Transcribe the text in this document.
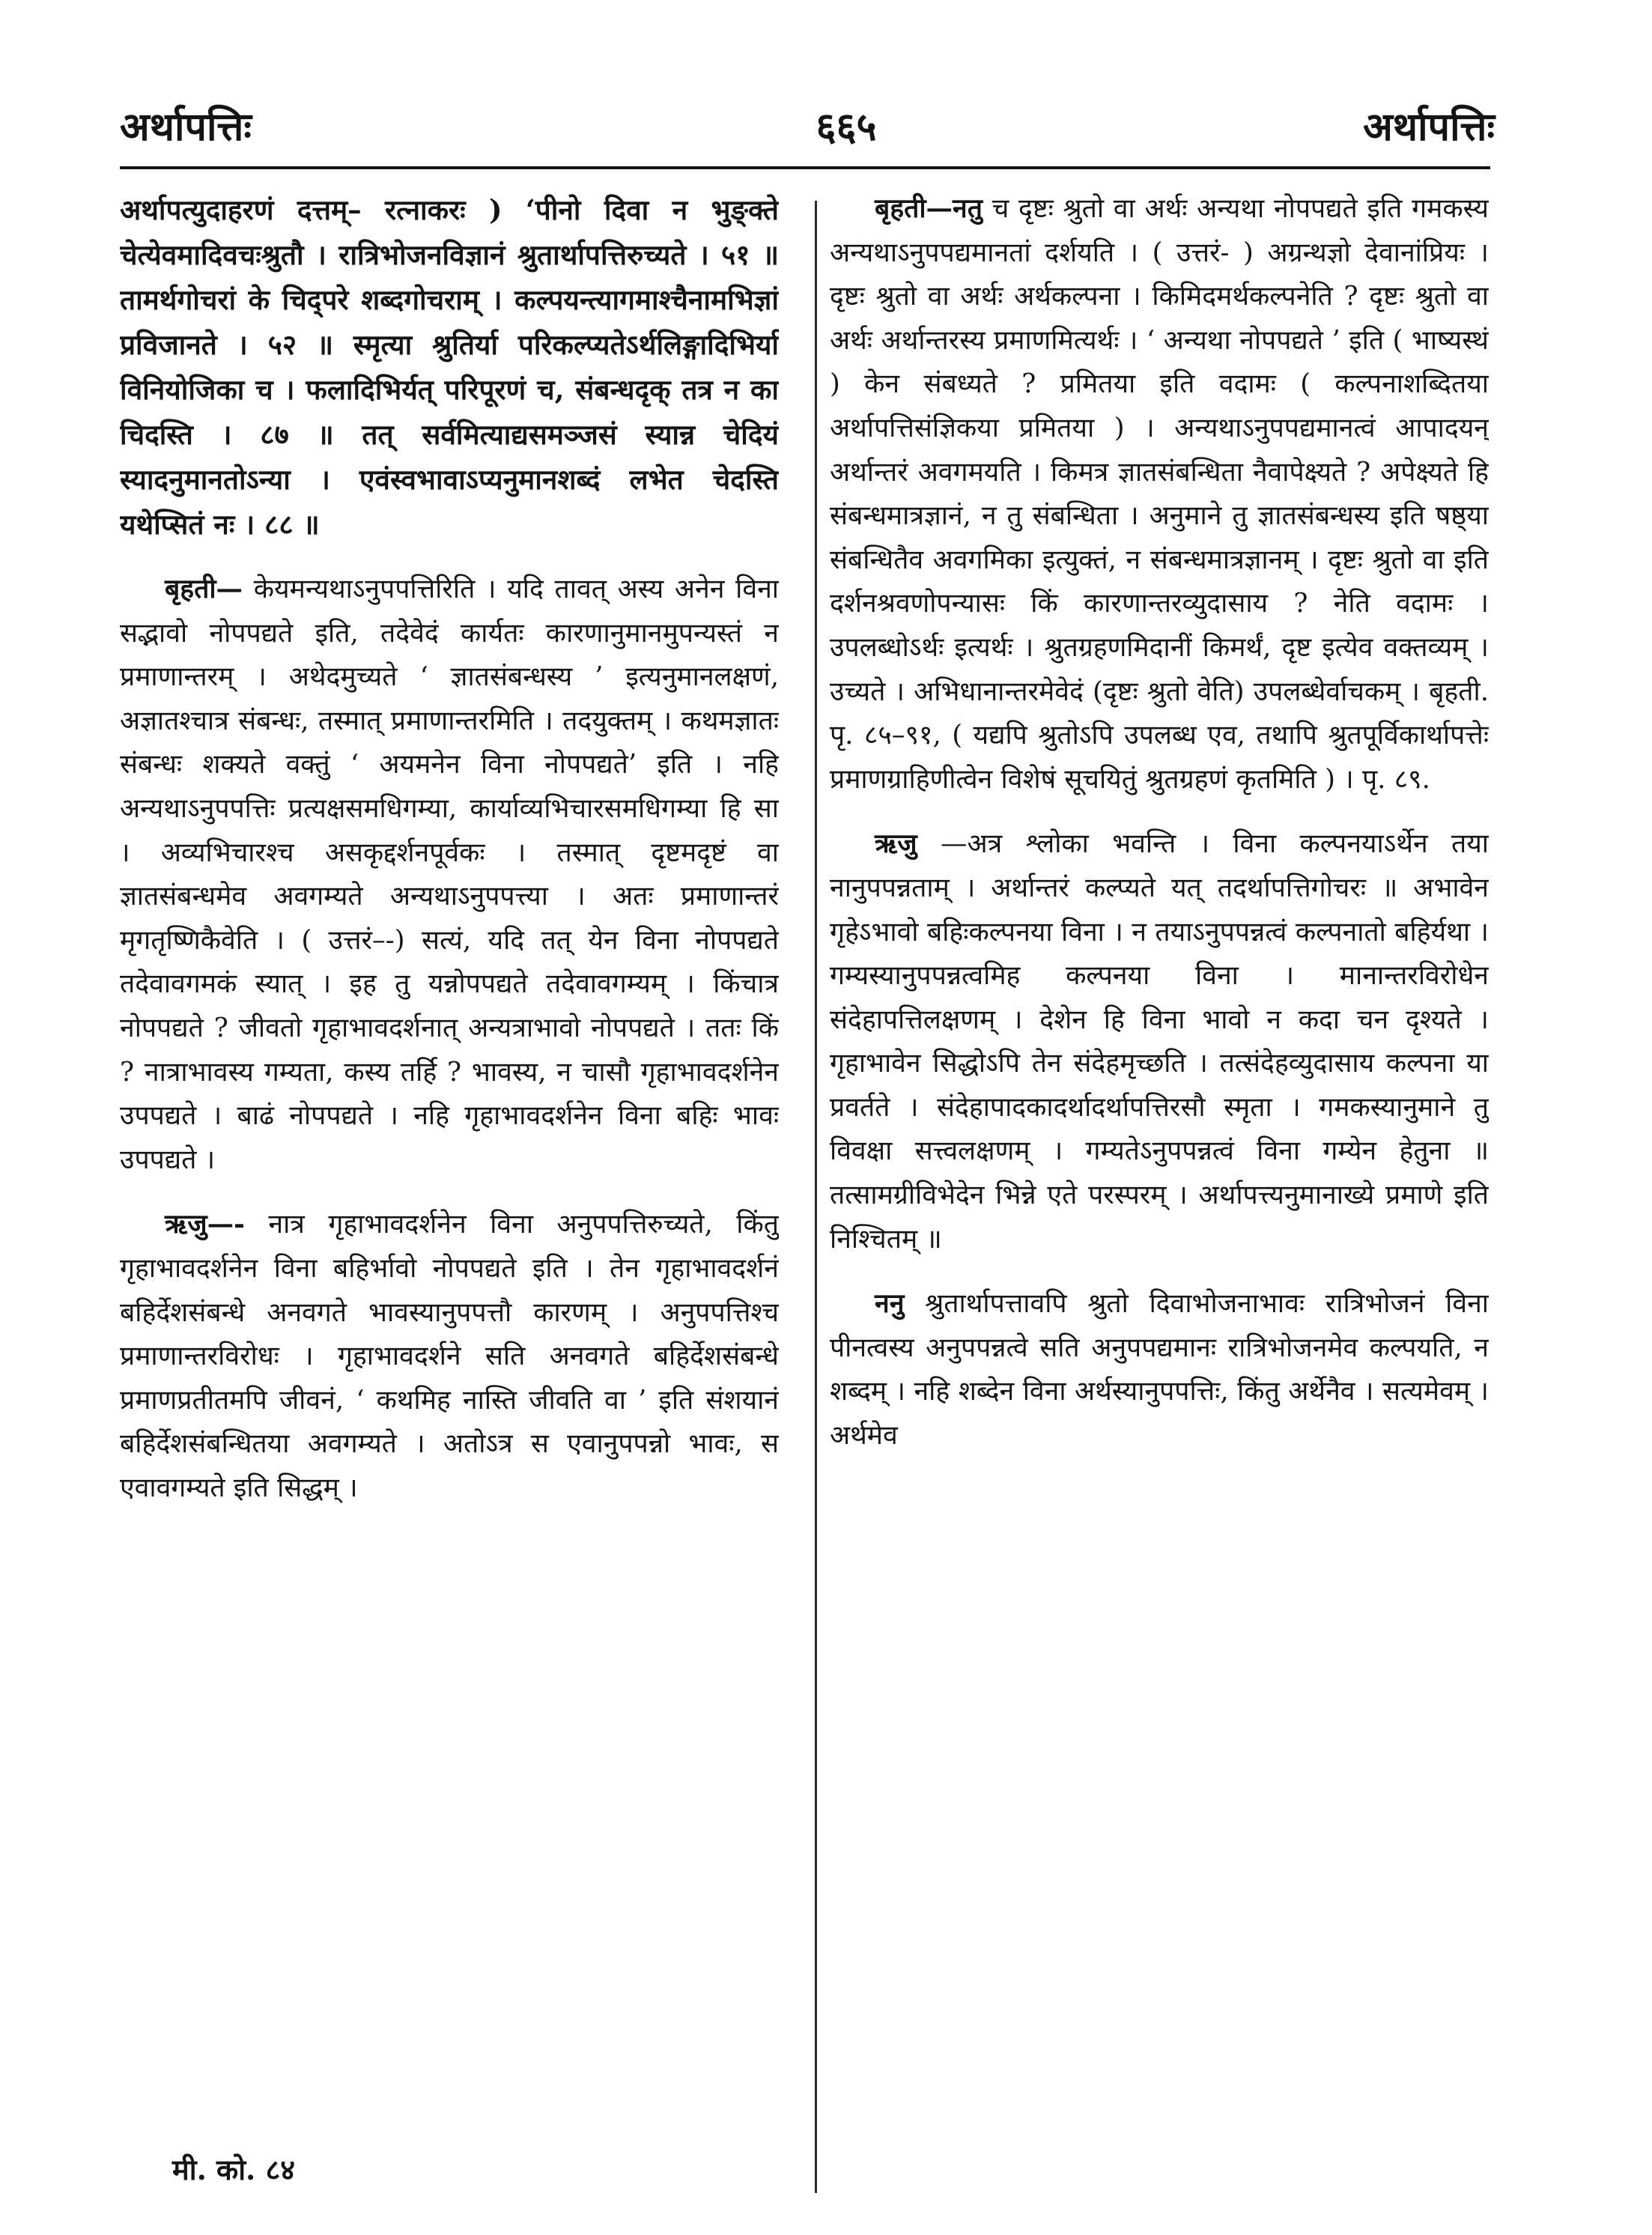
अर्थापत्तिः	६६५	अर्थापत्तिः

अर्थापत्युदाहरणं दत्तम्– रत्नाकरः ) ‘पीनो दिवा न भुङ्क्ते चेत्येवमादिवचःश्रुतौ । रात्रिभोजनविज्ञानं श्रुतार्थापत्तिरुच्यते । ५१ ॥ तामर्थगोचरां के चिद्परे शब्दगोचराम् । कल्पयन्त्यागमाश्चैनामभिज्ञां प्रविजानते । ५२ ॥ स्मृत्या श्रुतिर्या परिकल्प्यतेऽर्थलिङ्गादिभिर्या विनियोजिका च । फलादिभिर्यत् परिपूरणं च, संबन्धदृक् तत्र न का चिदस्ति । ८७ ॥ तत् सर्वमित्याद्यसमञ्जसं स्यान्न चेदियं स्यादनुमानतोऽन्या । एवंस्वभावाऽप्यनुमानशब्दं लभेत चेदस्ति यथेप्सितं नः । ८८ ॥

बृहती— केयमन्यथाऽनुपपत्तिरिति । यदि तावत् अस्य अनेन विना सद्भावो नोपपद्यते इति, तदेवेदं कार्यतः कारणानुमानमुपन्यस्तं न प्रमाणान्तरम् । अथेदमुच्यते ‘ ज्ञातसंबन्धस्य ’ इत्यनुमानलक्षणं, अज्ञातश्चात्र संबन्धः, तस्मात् प्रमाणान्तरमिति । तदयुक्तम् । कथमज्ञातः संबन्धः शक्यते वक्तुं ‘ अयमनेन विना नोपपद्यते’ इति । नहि अन्यथाऽनुपपत्तिः प्रत्यक्षसमधिगम्या, कार्याव्यभिचारसमधिगम्या हि सा । अव्यभिचारश्च असकृद्दर्शनपूर्वकः । तस्मात् दृष्टमदृष्टं वा ज्ञातसंबन्धमेव अवगम्यते अन्यथाऽनुपपत्त्या । अतः प्रमाणान्तरं मृगतृष्णिकैवेति । ( उत्तरं–-) सत्यं, यदि तत् येन विना नोपपद्यते तदेवावगमकं स्यात् । इह तु यन्नोपपद्यते तदेवावगम्यम् । किंचात्र नोपपद्यते ? जीवतो गृहाभावदर्शनात् अन्यत्राभावो नोपपद्यते । ततः किं ? नात्राभावस्य गम्यता, कस्य तर्हि ? भावस्य, न चासौ गृहाभावदर्शनेन उपपद्यते । बाढं नोपपद्यते । नहि गृहाभावदर्शनेन विना बहिः भावः उपपद्यते ।

ऋजु—- नात्र गृहाभावदर्शनेन विना अनुपपत्तिरुच्यते, किंतु गृहाभावदर्शनेन विना बहिर्भावो नोपपद्यते इति । तेन गृहाभावदर्शनं बहिर्देशसंबन्धे अनवगते भावस्यानुपपत्तौ कारणम् । अनुपपत्तिश्च प्रमाणान्तरविरोधः । गृहाभावदर्शने सति अनवगते बहिर्देशसंबन्धे प्रमाणप्रतीतमपि जीवनं, ‘ कथमिह नास्ति जीवति वा ’ इति संशयानं बहिर्देशसंबन्धितया अवगम्यते । अतोऽत्र स एवानुपपन्नो भावः, स एवावगम्यते इति सिद्धम् ।

बृहती—नतु च दृष्टः श्रुतो वा अर्थः अन्यथा नोपपद्यते इति गमकस्य अन्यथाऽनुपपद्यमानतां दर्शयति । ( उत्तरं- ) अग्रन्थज्ञो देवानांप्रियः । दृष्टः श्रुतो वा अर्थः अर्थकल्पना । किमिदमर्थकल्पनेति ? दृष्टः श्रुतो वा अर्थः अर्थान्तरस्य प्रमाणमित्यर्थः । ‘ अन्यथा नोपपद्यते ’ इति ( भाष्यस्थं ) केन संबध्यते ? प्रमितया इति वदामः ( कल्पनाशब्दितया अर्थापत्तिसंज्ञिकया प्रमितया ) । अन्यथाऽनुपपद्यमानत्वं आपादयन् अर्थान्तरं अवगमयति । किमत्र ज्ञातसंबन्धिता नैवापेक्ष्यते ? अपेक्ष्यते हि संबन्धमात्रज्ञानं, न तु संबन्धिता । अनुमाने तु ज्ञातसंबन्धस्य इति षष्ठ्या संबन्धितैव अवगमिका इत्युक्तं, न संबन्धमात्रज्ञानम् । दृष्टः श्रुतो वा इति दर्शनश्रवणोपन्यासः किं कारणान्तरव्युदासाय ? नेति वदामः । उपलब्धोऽर्थः इत्यर्थः । श्रुतग्रहणमिदानीं किमर्थं, दृष्ट इत्येव वक्तव्यम् । उच्यते । अभिधानान्तरमेवेदं (दृष्टः श्रुतो वेति) उपलब्धेर्वाचकम् । बृहती. पृ. ८५–९१, ( यद्यपि श्रुतोऽपि उपलब्ध एव, तथापि श्रुतपूर्विकार्थापत्तेः प्रमाणग्राहिणीत्वेन विशेषं सूचयितुं श्रुतग्रहणं कृतमिति ) । पृ. ८९.

ऋजु —अत्र श्लोका भवन्ति । विना कल्पनयाऽर्थेन तया नानुपपन्नताम् । अर्थान्तरं कल्प्यते यत् तदर्थापत्तिगोचरः ॥ अभावेन गृहेऽभावो बहिःकल्पनया विना । न तयाऽनुपपन्नत्वं कल्पनातो बहिर्यथा । गम्यस्यानुपपन्नत्वमिह कल्पनया विना । मानान्तरविरोधेन संदेहापत्तिलक्षणम् । देशेन हि विना भावो न कदा चन दृश्यते । गृहाभावेन सिद्धोऽपि तेन संदेहमृच्छति । तत्संदेहव्युदासाय कल्पना या प्रवर्तते । संदेहापादकादर्थादर्थापत्तिरसौ स्मृता । गमकस्यानुमाने तु विवक्षा सत्त्वलक्षणम् । गम्यतेऽनुपपन्नत्वं विना गम्येन हेतुना ॥ तत्सामग्रीविभेदेन भिन्ने एते परस्परम् । अर्थापत्त्यनुमानाख्ये प्रमाणे इति निश्चितम् ॥

ननु श्रुतार्थापत्तावपि श्रुतो दिवाभोजनाभावः रात्रिभोजनं विना पीनत्वस्य अनुपपन्नत्वे सति अनुपपद्यमानः रात्रिभोजनमेव कल्पयति, न शब्दम् । नहि शब्देन विना अर्थस्यानुपपत्तिः, किंतु अर्थेनैव । सत्यमेवम् । अर्थमेव

मी. को. ८४
